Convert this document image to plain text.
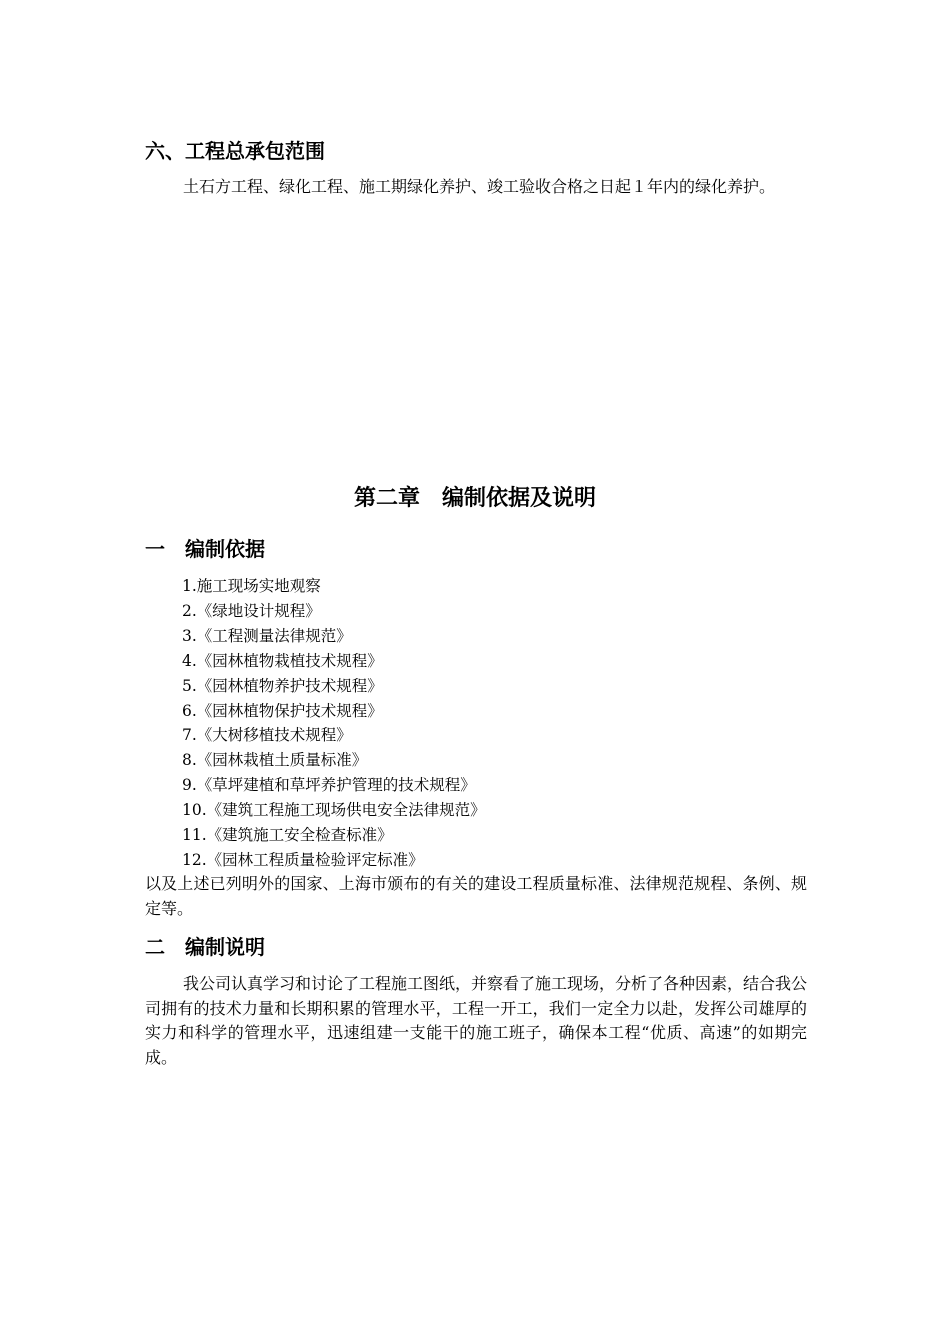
六、工程总承包范围

土石方工程、绿化工程、施工期绿化养护、竣工验收合格之日起１年内的绿化养护。

第二章　编制依据及说明
一 编制依据
1.施工现场实地观察
2.《绿地设计规程》
3.《工程测量法律规范》
4.《园林植物栽植技术规程》
5.《园林植物养护技术规程》
6.《园林植物保护技术规程》
7.《大树移植技术规程》
8.《园林栽植土质量标准》
9.《草坪建植和草坪养护管理的技术规程》
10.《建筑工程施工现场供电安全法律规范》
11.《建筑施工安全检查标准》
12.《园林工程质量检验评定标准》

以及上述已列明外的国家、上海市颁布的有关的建设工程质量标准、法律规范规程、条例、规定等。

二 编制说明

我公司认真学习和讨论了工程施工图纸，并察看了施工现场，分析了各种因素，结合我公司拥有的技术力量和长期积累的管理水平，工程一开工，我们一定全力以赴，发挥公司雄厚的实力和科学的管理水平，迅速组建一支能干的施工班子，确保本工程“优质、高速”的如期完成。
